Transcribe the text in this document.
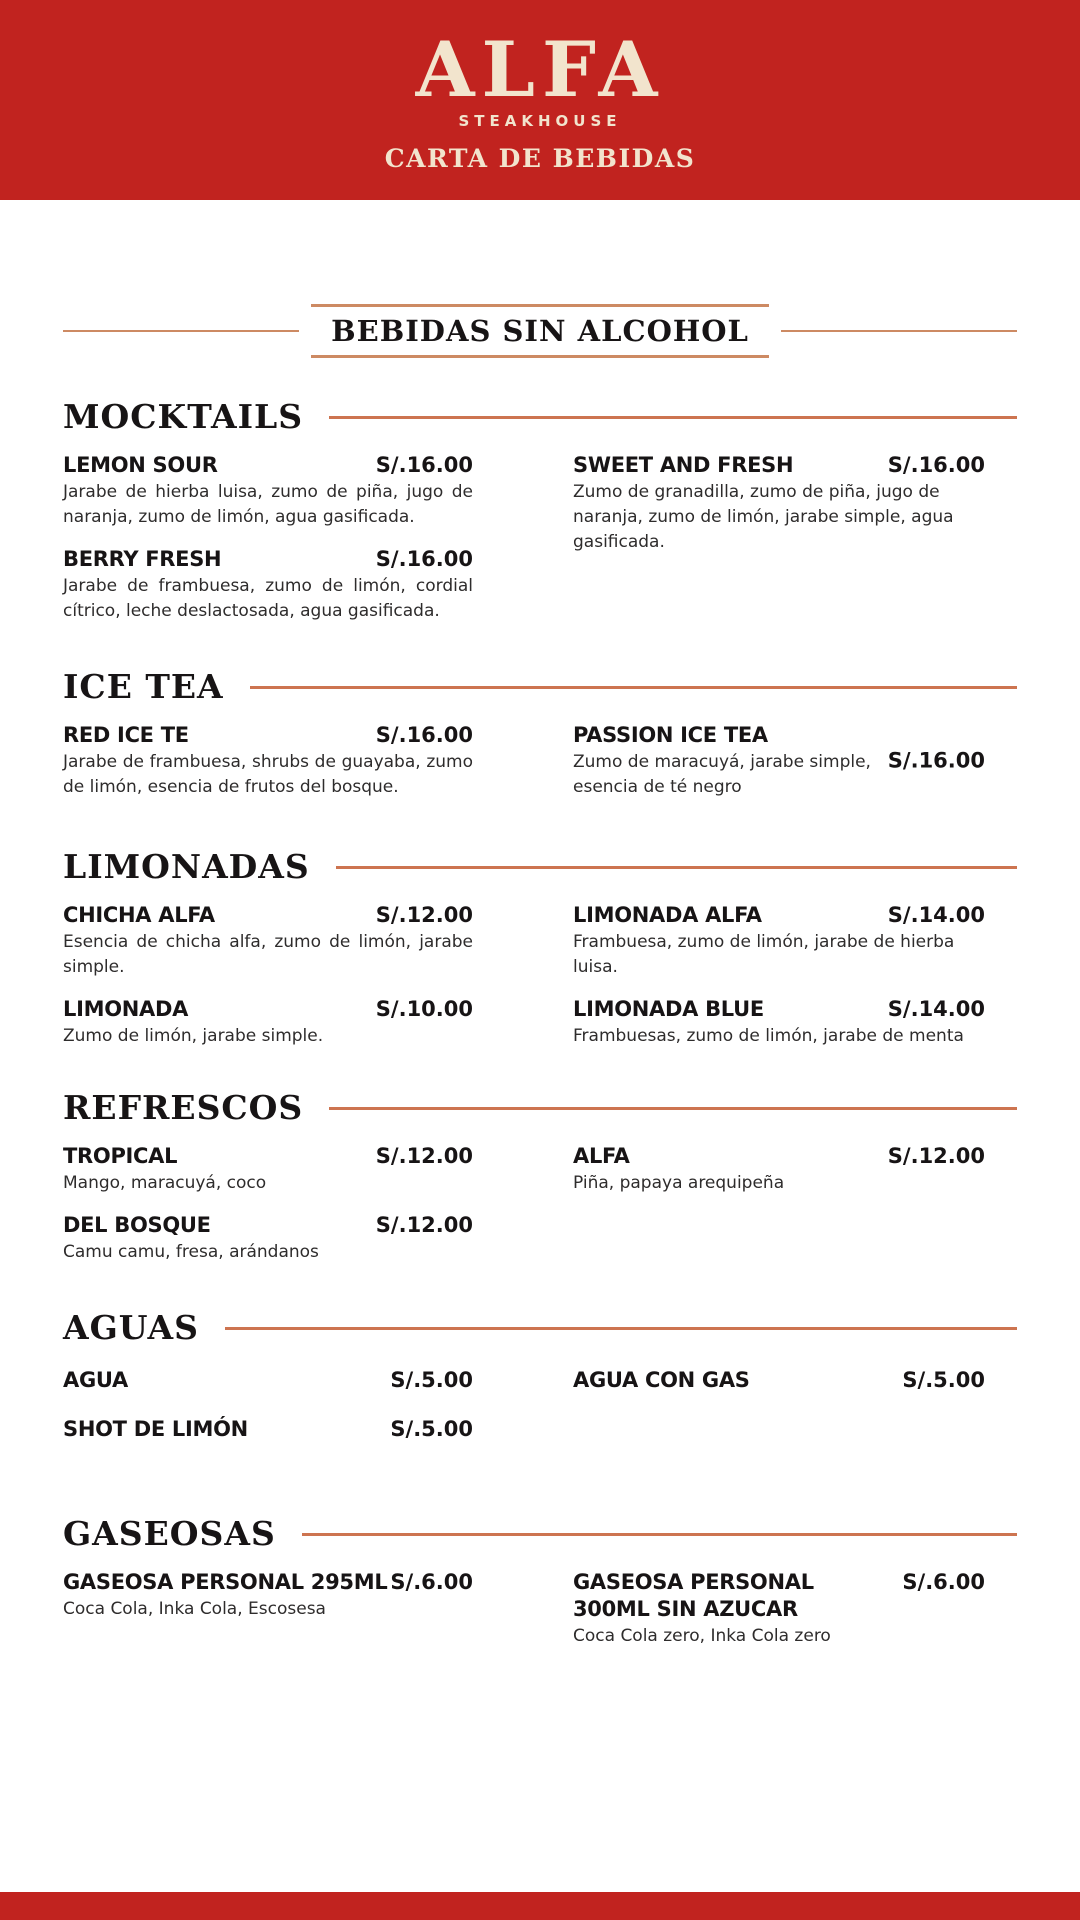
ALFA
STEAKHOUSE
CARTA DE BEBIDAS
BEBIDAS SIN ALCOHOL
MOCKTAILS
LEMON SOUR	S/.16.00

Jarabe de hierba luisa, zumo de piña, jugo de naranja, zumo de limón, agua gasificada.

BERRY FRESH	S/.16.00

Jarabe de frambuesa, zumo de limón, cordial cítrico, leche deslactosada, agua gasificada.

SWEET AND FRESH	S/.16.00

Zumo de granadilla, zumo de piña, jugo de naranja, zumo de limón, jarabe simple, agua gasificada.

ICE TEA
RED ICE TE	S/.16.00

Jarabe de frambuesa, shrubs de guayaba, zumo de limón, esencia de frutos del bosque.

PASSION ICE TEA
S/.16.00

Zumo de maracuyá, jarabe simple, esencia de té negro

LIMONADAS
CHICHA ALFA	S/.12.00

Esencia de chicha alfa, zumo de limón, jarabe simple.

LIMONADA	S/.10.00

Zumo de limón, jarabe simple.

LIMONADA ALFA	S/.14.00

Frambuesa, zumo de limón, jarabe de hierba luisa.

LIMONADA BLUE	S/.14.00

Frambuesas, zumo de limón, jarabe de menta

REFRESCOS
TROPICAL	S/.12.00

Mango, maracuyá, coco

DEL BOSQUE	S/.12.00

Camu camu, fresa, arándanos

ALFA	S/.12.00

Piña, papaya arequipeña

AGUAS
AGUA	S/.5.00
SHOT DE LIMÓN	S/.5.00
AGUA CON GAS	S/.5.00
GASEOSAS
GASEOSA PERSONAL 295ML S/.6.00

Coca Cola, Inka Cola, Escosesa

GASEOSA PERSONAL 300ML SIN AZUCAR
S/.6.00

Coca Cola zero, Inka Cola zero
